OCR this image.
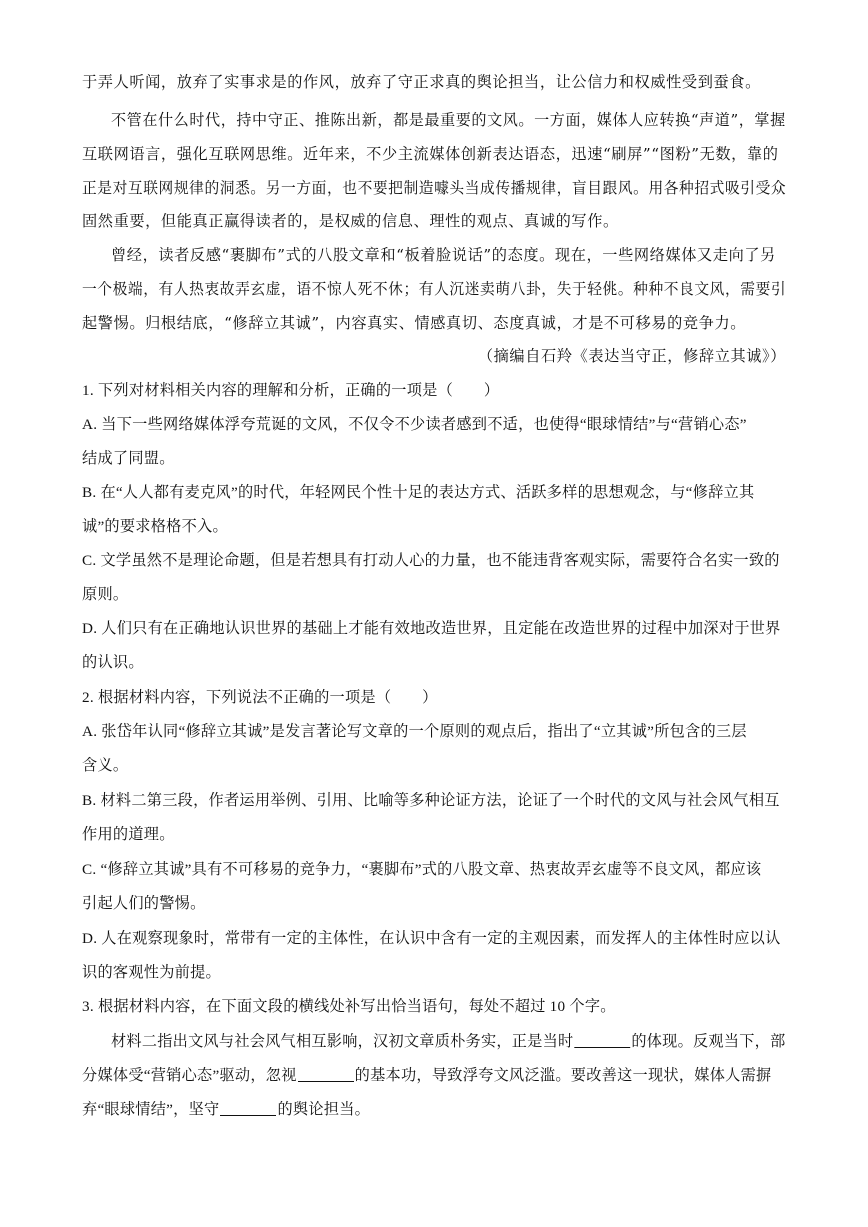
于弄人听闻，放弃了实事求是的作风，放弃了守正求真的舆论担当，让公信力和权威性受到蚕食。
不管在什么时代，持中守正、推陈出新，都是最重要的文风。一方面，媒体人应转换“声道”，掌握
互联网语言，强化互联网思维。近年来，不少主流媒体创新表达语态，迅速“刷屏”“图粉”无数，靠的
正是对互联网规律的洞悉。另一方面，也不要把制造噱头当成传播规律，盲目跟风。用各种招式吸引受众
固然重要，但能真正赢得读者的，是权威的信息、理性的观点、真诚的写作。
曾经，读者反感“裹脚布”式的八股文章和“板着脸说话”的态度。现在，一些网络媒体又走向了另
一个极端，有人热衷故弄玄虚，语不惊人死不休；有人沉迷卖萌八卦，失于轻佻。种种不良文风，需要引
起警惕。归根结底，“修辞立其诚”，内容真实、情感真切、态度真诚，才是不可移易的竞争力。
（摘编自石羚《表达当守正，修辞立其诚》）
1. 下列对材料相关内容的理解和分析，正确的一项是（　　）
A. 当下一些网络媒体浮夸荒诞的文风，不仅令不少读者感到不适，也使得“眼球情结”与“营销心态”
结成了同盟。
B. 在“人人都有麦克风”的时代，年轻网民个性十足的表达方式、活跃多样的思想观念，与“修辞立其
诚”的要求格格不入。
C. 文学虽然不是理论命题，但是若想具有打动人心的力量，也不能违背客观实际，需要符合名实一致的
原则。
D. 人们只有在正确地认识世界的基础上才能有效地改造世界，且定能在改造世界的过程中加深对于世界
的认识。
2. 根据材料内容，下列说法不正确的一项是（　　）
A. 张岱年认同“修辞立其诚”是发言著论写文章的一个原则的观点后，指出了“立其诚”所包含的三层
含义。
B. 材料二第三段，作者运用举例、引用、比喻等多种论证方法，论证了一个时代的文风与社会风气相互
作用的道理。
C. “修辞立其诚”具有不可移易的竞争力，“裹脚布”式的八股文章、热衷故弄玄虚等不良文风，都应该
引起人们的警惕。
D. 人在观察现象时，常带有一定的主体性，在认识中含有一定的主观因素，而发挥人的主体性时应以认
识的客观性为前提。
3. 根据材料内容，在下面文段的横线处补写出恰当语句，每处不超过 10 个字。
材料二指出文风与社会风气相互影响，汉初文章质朴务实，正是当时	的体现。反观当下，部
分媒体受“营销心态”驱动，忽视	的基本功，导致浮夸文风泛滥。要改善这一现状，媒体人需摒
弃“眼球情结”，坚守	的舆论担当。
